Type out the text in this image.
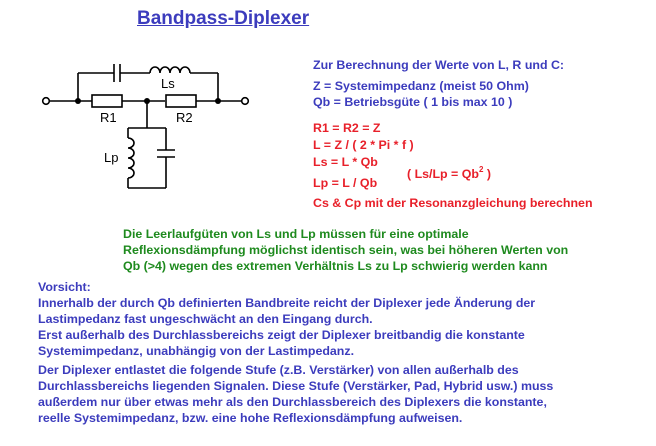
Bandpass-Diplexer
Ls
R1	R2
Lp
Zur Berechnung der Werte von L, R und C:
Z = Systemimpedanz (meist 50 Ohm)
Qb = Betriebsgüte ( 1 bis max 10 )
R1 = R2 = Z
L = Z / ( 2 * Pi * f )
Ls = L * Qb
Lp = L / Qb
( $Ls/Lp = Qb^2$ )
Cs & Cp mit der Resonanzgleichung berechnen
Die Leerlaufgüten von Ls und Lp müssen für eine optimale
Reflexionsdämpfung möglichst identisch sein, was bei höheren Werten von
Qb (>4) wegen des extremen Verhältnis Ls zu Lp schwierig werden kann
Vorsicht:
Innerhalb der durch Qb definierten Bandbreite reicht der Diplexer jede Änderung der
Lastimpedanz fast ungeschwächt an den Eingang durch.
Erst außerhalb des Durchlassbereichs zeigt der Diplexer breitbandig die konstante
Systemimpedanz, unabhängig von der Lastimpedanz.
Der Diplexer entlastet die folgende Stufe (z.B. Verstärker) von allen außerhalb des
Durchlassbereichs liegenden Signalen. Diese Stufe (Verstärker, Pad, Hybrid usw.) muss
außerdem nur über etwas mehr als den Durchlassbereich des Diplexers die konstante,
reelle Systemimpedanz, bzw. eine hohe Reflexionsdämpfung aufweisen.
